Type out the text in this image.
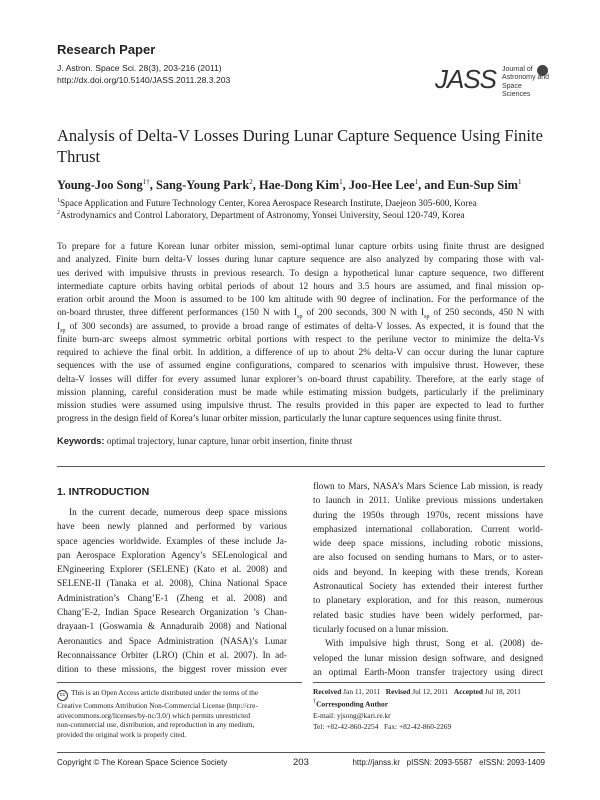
Research Paper
J. Astron. Space Sci. 28(3), 203-216 (2011)
http://dx.doi.org/10.5140/JASS.2011.28.3.203	JASS Journal of
Astronomy and
Space Sciences
Analysis of Delta-V Losses During Lunar Capture Sequence Using Finite Thrust
Young-Joo Song$^{1\dagger}$, Sang-Young Park$^2$, Hae-Dong Kim$^1$, Joo-Hee Lee$^1$, and Eun-Sup Sim$^1$
$^1$Space Application and Future Technology Center, Korea Aerospace Research Institute, Daejeon 305-600, Korea
$^2$Astrodynamics and Control Laboratory, Department of Astronomy, Yonsei University, Seoul 120-749, Korea
To prepare for a future Korean lunar orbiter mission, semi-optimal lunar capture orbits using finite thrust are designed
and analyzed. Finite burn delta-V losses during lunar capture sequence are also analyzed by comparing those with val-
ues derived with impulsive thrusts in previous research. To design a hypothetical lunar capture sequence, two different
intermediate capture orbits having orbital periods of about 12 hours and 3.5 hours are assumed, and final mission op-
eration orbit around the Moon is assumed to be 100 km altitude with 90 degree of inclination. For the performance of the
on-board thruster, three different performances (150 N with $I_{sp}$ of 200 seconds, 300 N with $I_{sp}$ of 250 seconds, 450 N with
$I_{sp}$ of 300 seconds) are assumed, to provide a broad range of estimates of delta-V losses. As expected, it is found that the
finite burn-arc sweeps almost symmetric orbital portions with respect to the perilune vector to minimize the delta-Vs
required to achieve the final orbit. In addition, a difference of up to about 2% delta-V can occur during the lunar capture
sequences with the use of assumed engine configurations, compared to scenarios with impulsive thrust. However, these
delta-V losses will differ for every assumed lunar explorer’s on-board thrust capability. Therefore, at the early stage of
mission planning, careful consideration must be made while estimating mission budgets, particularly if the preliminary
mission studies were assumed using impulsive thrust. The results provided in this paper are expected to lead to further
progress in the design field of Korea’s lunar orbiter mission, particularly the lunar capture sequences using finite thrust.
Keywords: optimal trajectory, lunar capture, lunar orbit insertion, finite thrust
1. INTRODUCTION
In the current decade, numerous deep space missions
have been newly planned and performed by various
space agencies worldwide. Examples of these include Ja-
pan Aerospace Exploration Agency’s SELenological and
ENgineering Explorer (SELENE) (Kato et al. 2008) and
SELENE-II (Tanaka et al. 2008), China National Space
Administration’s Chang’E-1 (Zheng et al. 2008) and
Chang’E-2, Indian Space Research Organization ’s Chan-
drayaan-1 (Goswamia & Annaduraib 2008) and National
Aeronautics and Space Administration (NASA)’s Lunar
Reconnaissance Orbiter (LRO) (Chin et al. 2007). In ad-
dition to these missions, the biggest rover mission ever
flown to Mars, NASA’s Mars Science Lab mission, is ready
to launch in 2011. Unlike previous missions undertaken
during the 1950s through 1970s, recent missions have
emphasized international collaboration. Current world-
wide deep space missions, including robotic missions,
are also focused on sending humans to Mars, or to aster-
oids and beyond. In keeping with these trends, Korean
Astronautical Society has extended their interest further
to planetary exploration, and for this reason, numerous
related basic studies have been widely performed, par-
ticularly focused on a lunar mission.
With impulsive high thrust, Song et al. (2008) de-
veloped the lunar mission design software, and designed
an optimal Earth-Moon transfer trajectory using direct
cc This is an Open Access article distributed under the terms of the
Creative Commons Attribution Non-Commercial License (http://cre-
ativecommons.org/licenses/by-nc/3.0/) which permits unrestricted
non-commercial use, distribution, and reproduction in any medium,
provided the original work is properly cited.
Received Jan 11, 2011   Revised Jul 12, 2011   Accepted Jul 18, 2011
†Corresponding Author
E-mail: yjsong@kari.re.kr
Tel: +82-42-860-2254   Fax: +82-42-860-2269
Copyright © The Korean Space Science Society	203	http://janss.kr   pISSN: 2093-5587   eISSN: 2093-1409
